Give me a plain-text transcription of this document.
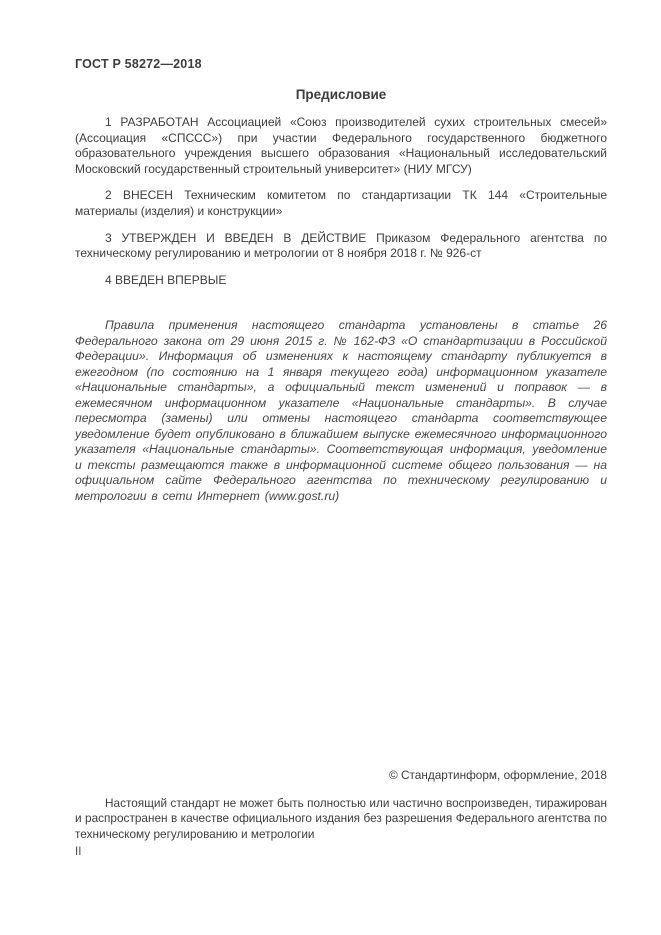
ГОСТ Р 58272—2018
Предисловие

1 РАЗРАБОТАН Ассоциацией «Союз производителей сухих строительных смесей» (Ассоциация «СПССС») при участии Федерального государственного бюджетного образовательного учреждения высшего образования «Национальный исследовательский Московский государственный строительный университет» (НИУ МГСУ)

2 ВНЕСЕН Техническим комитетом по стандартизации ТК 144 «Строительные материалы (изделия) и конструкции»

3 УТВЕРЖДЕН И ВВЕДЕН В ДЕЙСТВИЕ Приказом Федерального агентства по техническому регулированию и метрологии от 8 ноября 2018 г. № 926-ст

4 ВВЕДЕН ВПЕРВЫЕ

Правила применения настоящего стандарта установлены в статье 26 Федерального закона от 29 июня 2015 г. № 162-ФЗ «О стандартизации в Российской Федерации». Информация об изменениях к настоящему стандарту публикуется в ежегодном (по состоянию на 1 января текущего года) информационном указателе «Национальные стандарты», а официальный текст изменений и поправок — в ежемесячном информационном указателе «Национальные стандарты». В случае пересмотра (замены) или отмены настоящего стандарта соответствующее уведомление будет опубликовано в ближайшем выпуске ежемесячного информационного указателя «Национальные стандарты». Соответствующая информация, уведомление и тексты размещаются также в информационной системе общего пользования — на официальном сайте Федерального агентства по техническому регулированию и метрологии в сети Интернет (www.gost.ru)

© Стандартинформ, оформление, 2018

Настоящий стандарт не может быть полностью или частично воспроизведен, тиражирован и распространен в качестве официального издания без разрешения Федерального агентства по техническому регулированию и метрологии

II
